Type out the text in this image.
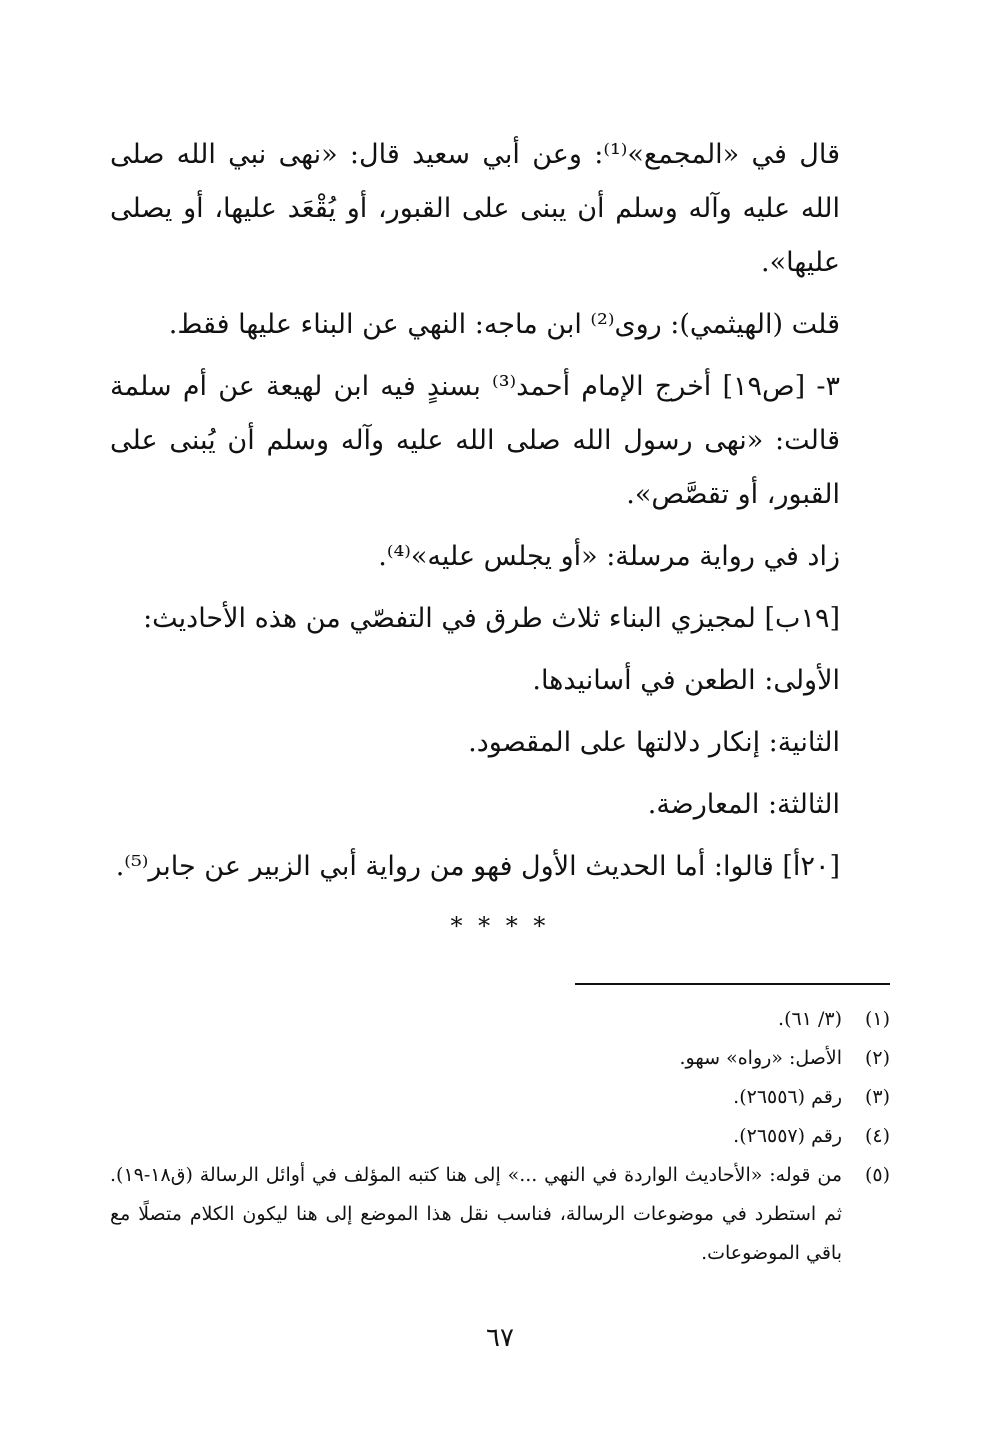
قال في «المجمع»⁽¹⁾: وعن أبي سعيد قال: «نهى نبي الله صلى الله عليه وآله وسلم أن يبنى على القبور، أو يُقْعَد عليها، أو يصلى عليها».

قلت (الهيثمي): روى⁽²⁾ ابن ماجه: النهي عن البناء عليها فقط.

٣- [ص١٩] أخرج الإمام أحمد⁽³⁾ بسندٍ فيه ابن لهيعة عن أم سلمة قالت: «نهى رسول الله صلى الله عليه وآله وسلم أن يُبنى على القبور، أو تقصَّص».

زاد في رواية مرسلة: «أو يجلس عليه»⁽⁴⁾.

[١٩ب] لمجيزي البناء ثلاث طرق في التفصّي من هذه الأحاديث:

الأولى: الطعن في أسانيدها.

الثانية: إنكار دلالتها على المقصود.

الثالثة: المعارضة.

[٢٠أ] قالوا: أما الحديث الأول فهو من رواية أبي الزبير عن جابر⁽⁵⁾.

* * * *
(١)
(٣/ ٦١).
(٢)
الأصل: «رواه» سهو.
(٣)
رقم (٢٦٥٥٦).
(٤)
رقم (٢٦٥٥٧).
(٥)
من قوله: «الأحاديث الواردة في النهي ...» إلى هنا كتبه المؤلف في أوائل الرسالة (ق١٨-١٩). ثم استطرد في موضوعات الرسالة، فناسب نقل هذا الموضع إلى هنا ليكون الكلام متصلًا مع باقي الموضوعات.
٦٧
